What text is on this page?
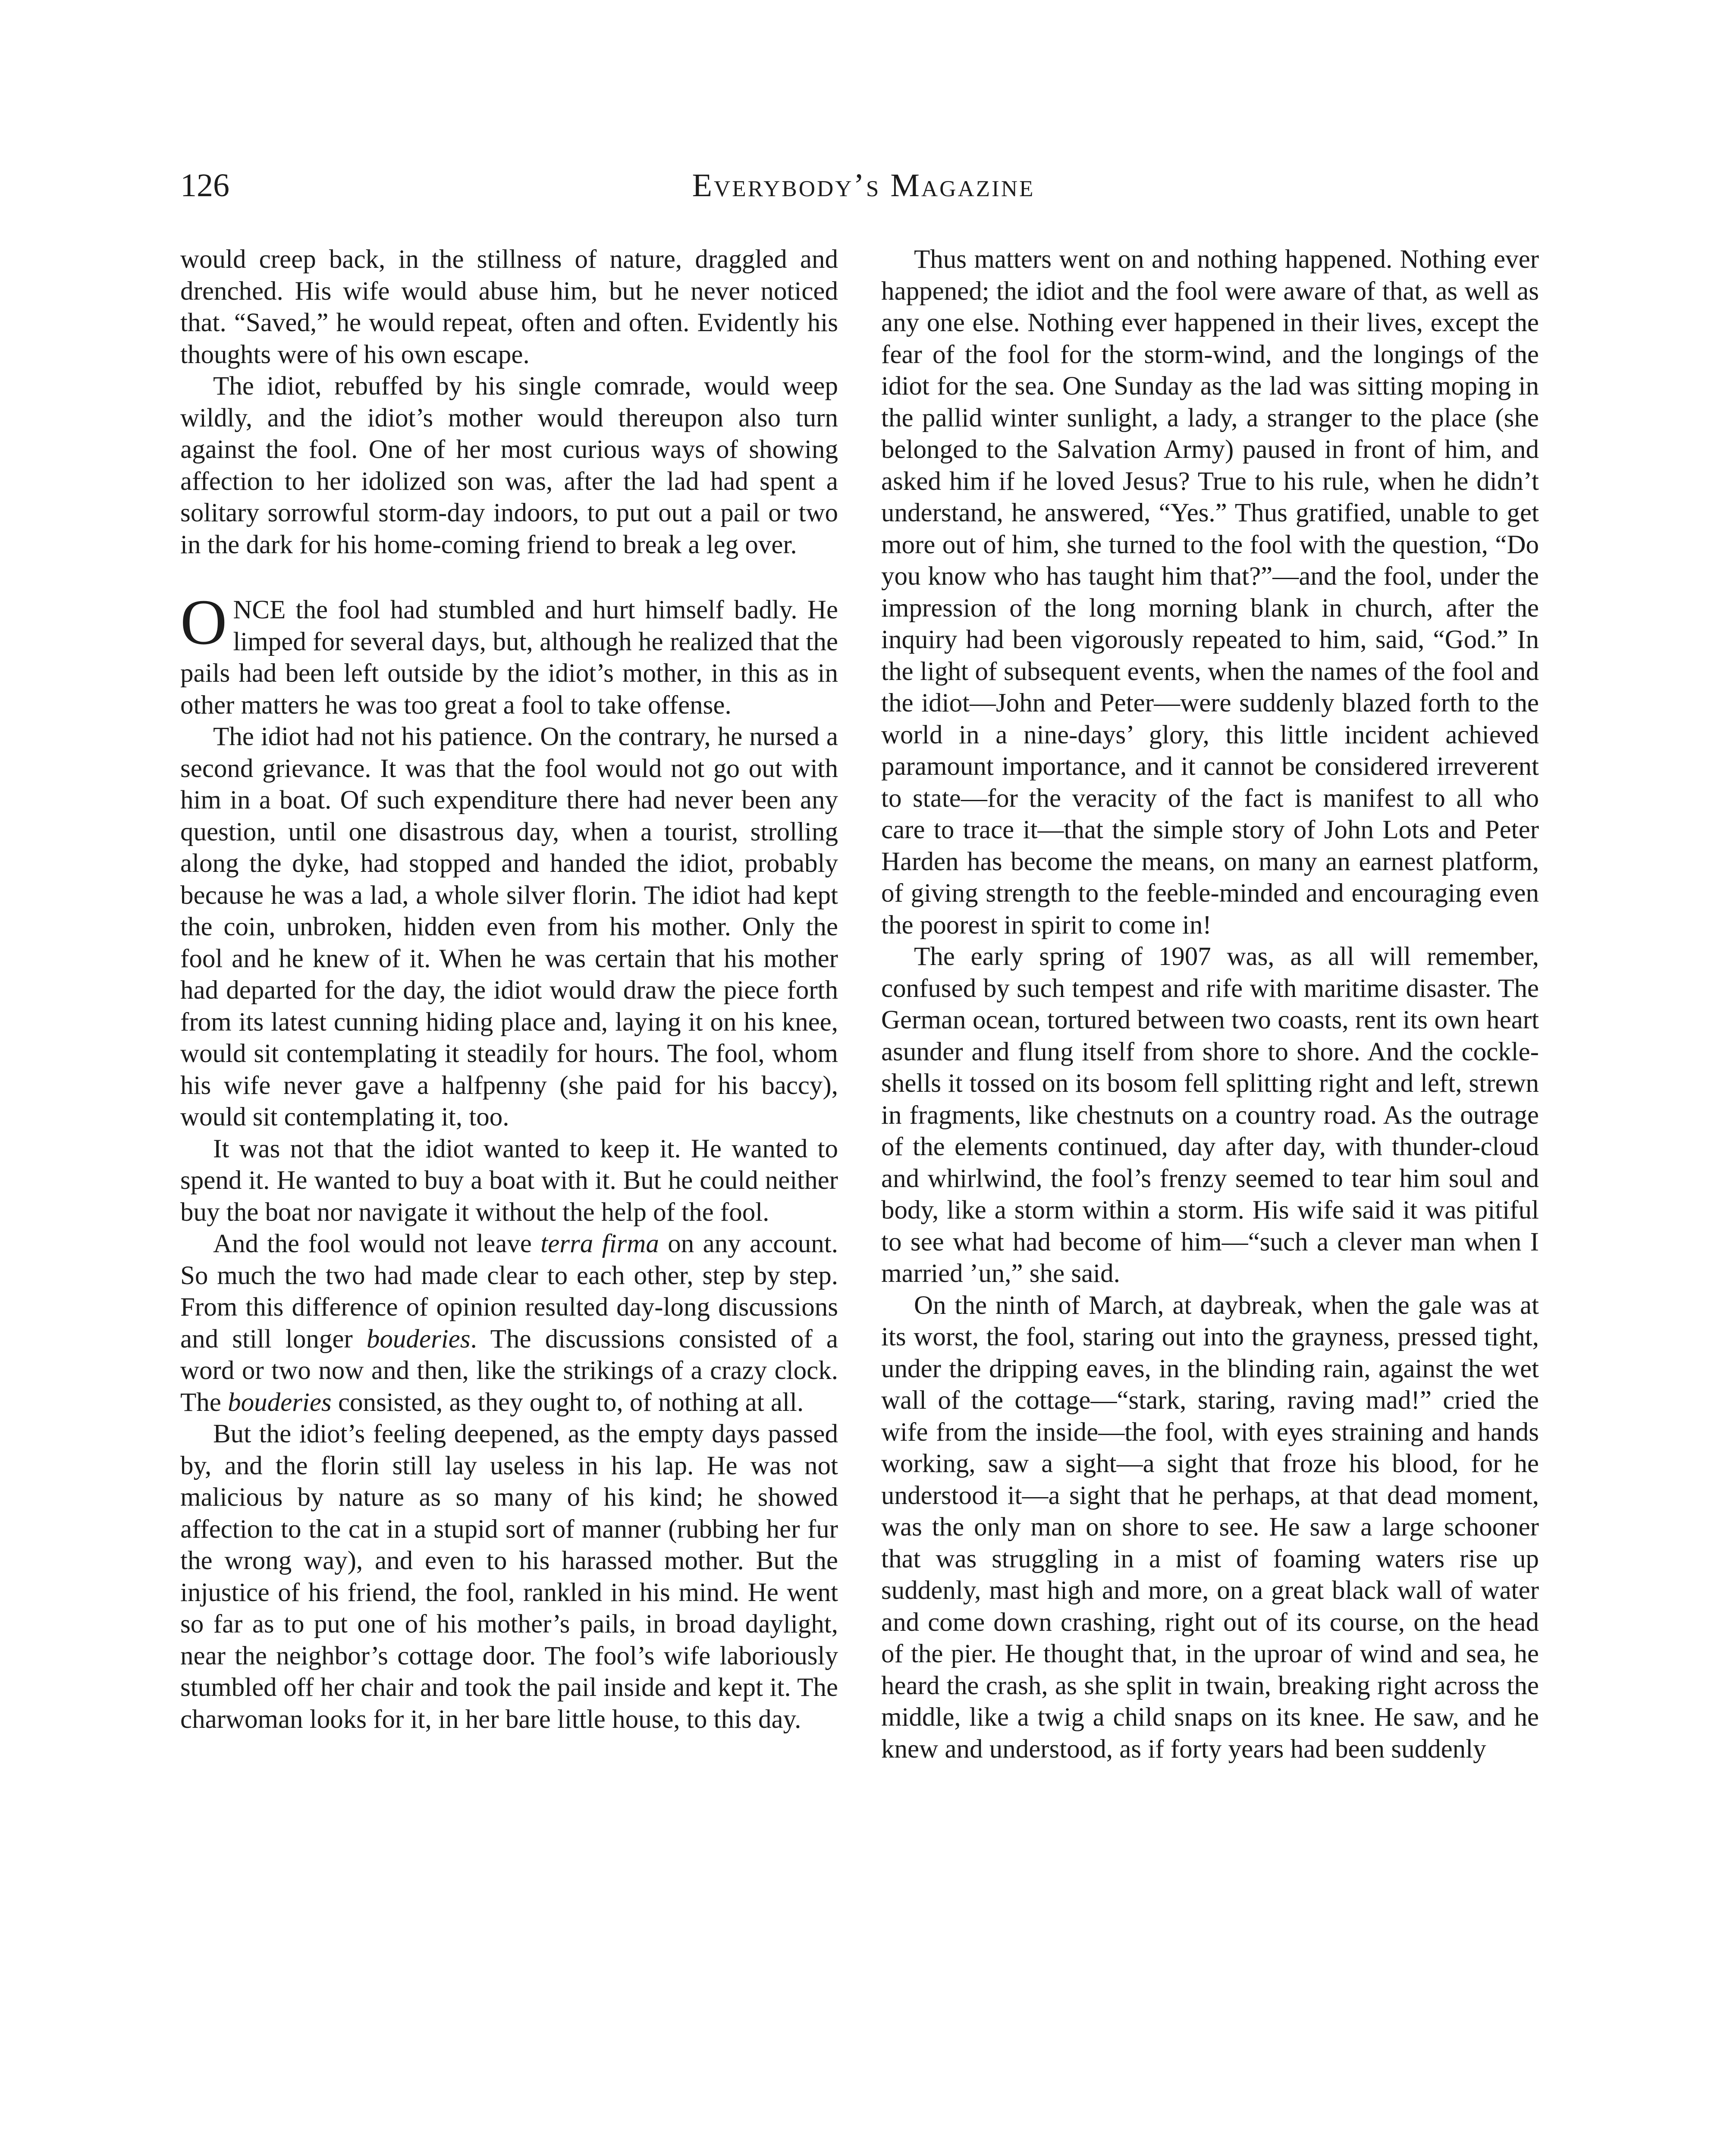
126	Everybody’s Magazine

would creep back, in the stillness of nature, draggled and drenched. His wife would abuse him, but he never noticed that. “Saved,” he would repeat, often and often. Evidently his thoughts were of his own escape.

The idiot, rebuffed by his single comrade, would weep wildly, and the idiot’s mother would thereupon also turn against the fool. One of her most curious ways of showing affection to her idolized son was, after the lad had spent a solitary sorrowful storm-day indoors, to put out a pail or two in the dark for his home-coming friend to break a leg over.

ONCE the fool had stumbled and hurt himself badly. He limped for several days, but, although he realized that the pails had been left outside by the idiot’s mother, in this as in other matters he was too great a fool to take offense.

The idiot had not his patience. On the contrary, he nursed a second grievance. It was that the fool would not go out with him in a boat. Of such expenditure there had never been any question, until one disastrous day, when a tourist, strolling along the dyke, had stopped and handed the idiot, probably because he was a lad, a whole silver florin. The idiot had kept the coin, unbroken, hidden even from his mother. Only the fool and he knew of it. When he was certain that his mother had departed for the day, the idiot would draw the piece forth from its latest cunning hiding place and, laying it on his knee, would sit contemplating it steadily for hours. The fool, whom his wife never gave a halfpenny (she paid for his baccy), would sit contemplating it, too.

It was not that the idiot wanted to keep it. He wanted to spend it. He wanted to buy a boat with it. But he could neither buy the boat nor navigate it without the help of the fool.

And the fool would not leave terra firma on any account. So much the two had made clear to each other, step by step. From this difference of opinion resulted day-long discussions and still longer bouderies. The discussions consisted of a word or two now and then, like the strikings of a crazy clock. The bouderies consisted, as they ought to, of nothing at all.

But the idiot’s feeling deepened, as the empty days passed by, and the florin still lay useless in his lap. He was not malicious by nature as so many of his kind; he showed affection to the cat in a stupid sort of manner (rubbing her fur the wrong way), and even to his harassed mother. But the injustice of his friend, the fool, rankled in his mind. He went so far as to put one of his mother’s pails, in broad daylight, near the neighbor’s cottage door. The fool’s wife laboriously stumbled off her chair and took the pail inside and kept it. The charwoman looks for it, in her bare little house, to this day.

Thus matters went on and nothing happened. Nothing ever happened; the idiot and the fool were aware of that, as well as any one else. Nothing ever happened in their lives, except the fear of the fool for the storm-wind, and the longings of the idiot for the sea. One Sunday as the lad was sitting moping in the pallid winter sunlight, a lady, a stranger to the place (she belonged to the Salvation Army) paused in front of him, and asked him if he loved Jesus? True to his rule, when he didn’t understand, he answered, “Yes.” Thus gratified, unable to get more out of him, she turned to the fool with the question, “Do you know who has taught him that?”—and the fool, under the impression of the long morning blank in church, after the inquiry had been vigorously repeated to him, said, “God.” In the light of subsequent events, when the names of the fool and the idiot—John and Peter—were suddenly blazed forth to the world in a nine-days’ glory, this little incident achieved paramount importance, and it cannot be considered irreverent to state—for the veracity of the fact is manifest to all who care to trace it—that the simple story of John Lots and Peter Harden has become the means, on many an earnest platform, of giving strength to the feeble-minded and encouraging even the poorest in spirit to come in!

The early spring of 1907 was, as all will remember, confused by such tempest and rife with maritime disaster. The German ocean, tortured between two coasts, rent its own heart asunder and flung itself from shore to shore. And the cockle-shells it tossed on its bosom fell splitting right and left, strewn in fragments, like chestnuts on a country road. As the outrage of the elements continued, day after day, with thunder-cloud and whirlwind, the fool’s frenzy seemed to tear him soul and body, like a storm within a storm. His wife said it was pitiful to see what had become of him—“such a clever man when I married ’un,” she said.

On the ninth of March, at daybreak, when the gale was at its worst, the fool, staring out into the grayness, pressed tight, under the dripping eaves, in the blinding rain, against the wet wall of the cottage—“stark, staring, raving mad!” cried the wife from the inside—the fool, with eyes straining and hands working, saw a sight—a sight that froze his blood, for he understood it—a sight that he perhaps, at that dead moment, was the only man on shore to see. He saw a large schooner that was struggling in a mist of foaming waters rise up suddenly, mast high and more, on a great black wall of water and come down crashing, right out of its course, on the head of the pier. He thought that, in the uproar of wind and sea, he heard the crash, as she split in twain, breaking right across the middle, like a twig a child snaps on its knee. He saw, and he knew and understood, as if forty years had been suddenly
